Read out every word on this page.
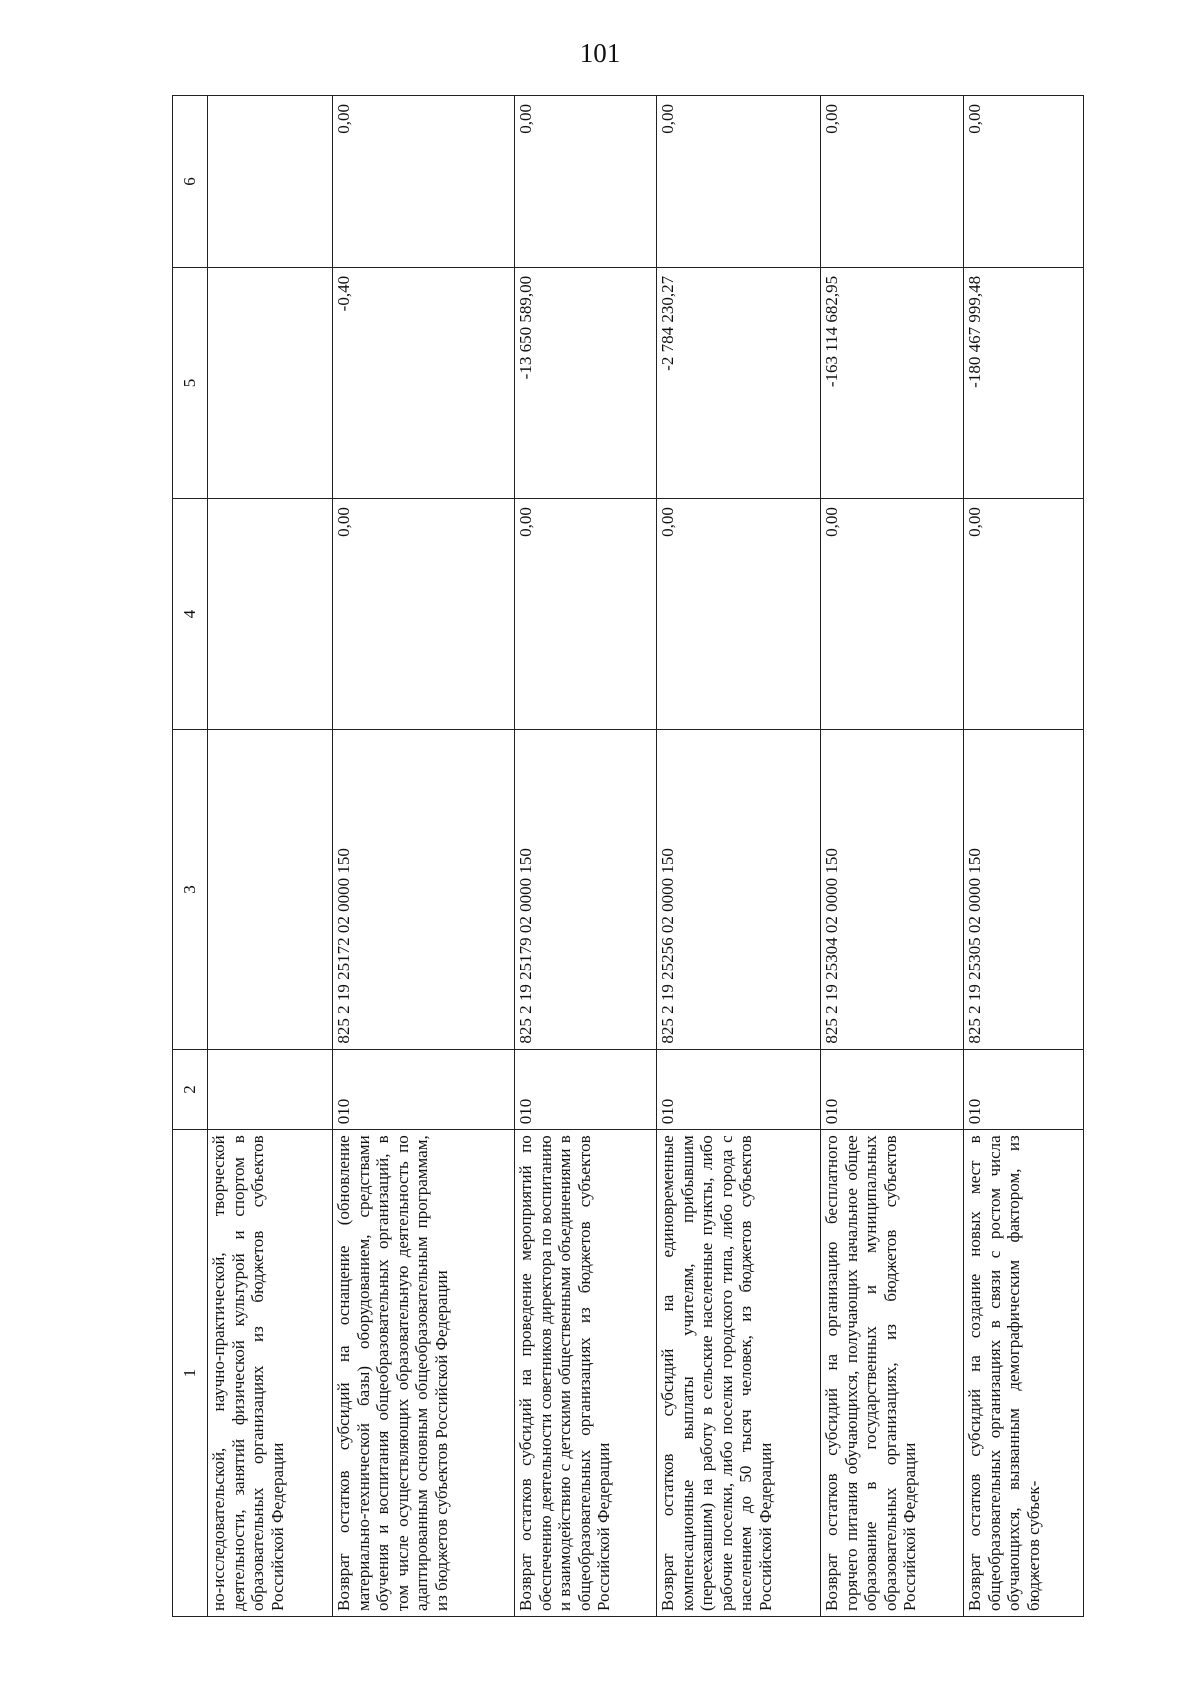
101
1	2	3	4	5	6
но-исследовательской, научно-практической, творческой деятельности, занятий физической культурой и спортом в образовательных организациях из бюджетов субъектов Российской Федерации					
Возврат остатков субсидий на оснащение (обновление материально-технической базы) оборудованием, средствами обучения и воспитания общеобразовательных организаций, в том числе осуществляющих образовательную деятельность по адаптированным основным общеобразовательным программам, из бюджетов субъектов Российской Федерации	010	825 2 19 25172 02 0000 150	0,00	-0,40	0,00
Возврат остатков субсидий на проведение мероприятий по обеспечению деятельности советников директора по воспитанию и взаимодействию с детскими общественными объединениями в общеобразовательных организациях из бюджетов субъектов Российской Федерации	010	825 2 19 25179 02 0000 150	0,00	-13 650 589,00	0,00
Возврат остатков субсидий на единовременные компенсационные выплаты учителям, прибывшим (переехавшим) на работу в сельские населенные пункты, либо рабочие поселки, либо поселки городского типа, либо города с населением до 50 тысяч человек, из бюджетов субъектов Российской Федерации	010	825 2 19 25256 02 0000 150	0,00	-2 784 230,27	0,00
Возврат остатков субсидий на организацию бесплатного горячего питания обучающихся, получающих начальное общее образование в государственных и муниципальных образовательных организациях, из бюджетов субъектов Российской Федерации	010	825 2 19 25304 02 0000 150	0,00	-163 114 682,95	0,00
Возврат остатков субсидий на создание новых мест в общеобразовательных организациях в связи с ростом числа обучающихся, вызванным демографическим фактором, из бюджетов субъек-	010	825 2 19 25305 02 0000 150	0,00	-180 467 999,48	0,00
